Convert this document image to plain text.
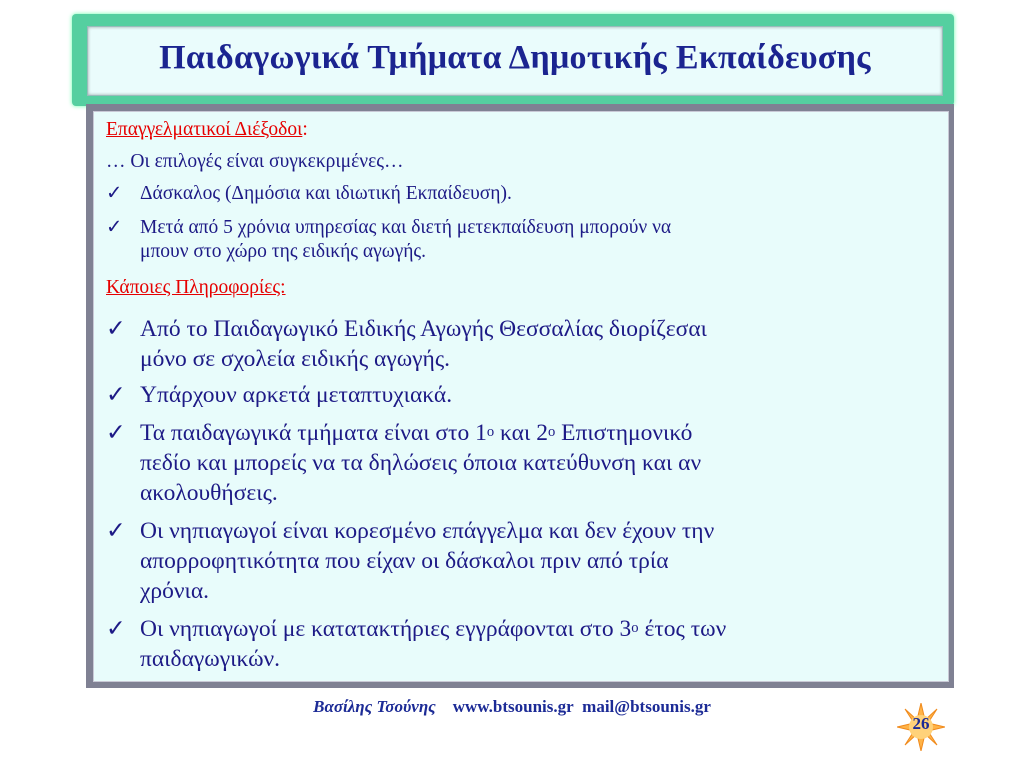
Παιδαγωγικά Τμήματα Δημοτικής Εκπαίδευσης
Επαγγελματικοί Διέξοδοι:
… Οι επιλογές είναι συγκεκριμένες…
✓ Δάσκαλος (Δημόσια και ιδιωτική Εκπαίδευση).
✓ Μετά από 5 χρόνια υπηρεσίας και διετή μετεκπαίδευση μπορούν να
μπουν στο χώρο της ειδικής αγωγής.
Κάποιες Πληροφορίες:
✓ Από το Παιδαγωγικό Ειδικής Αγωγής Θεσσαλίας διορίζεσαι
μόνο σε σχολεία ειδικής αγωγής.
✓ Υπάρχουν αρκετά μεταπτυχιακά.
✓ Τα παιδαγωγικά τμήματα είναι στο $1^o$ και $2^o$ Επιστημονικό
πεδίο και μπορείς να τα δηλώσεις όποια κατεύθυνση και αν
ακολουθήσεις.
✓ Οι νηπιαγωγοί είναι κορεσμένο επάγγελμα και δεν έχουν την
απορροφητικότητα που είχαν οι δάσκαλοι πριν από τρία
χρόνια.
✓ Οι νηπιαγωγοί με κατατακτήριες εγγράφονται στο $3^o$ έτος των
παιδαγωγικών.
Βασίλης Τσούνης www.btsounis.gr mail@btsounis.gr
26
